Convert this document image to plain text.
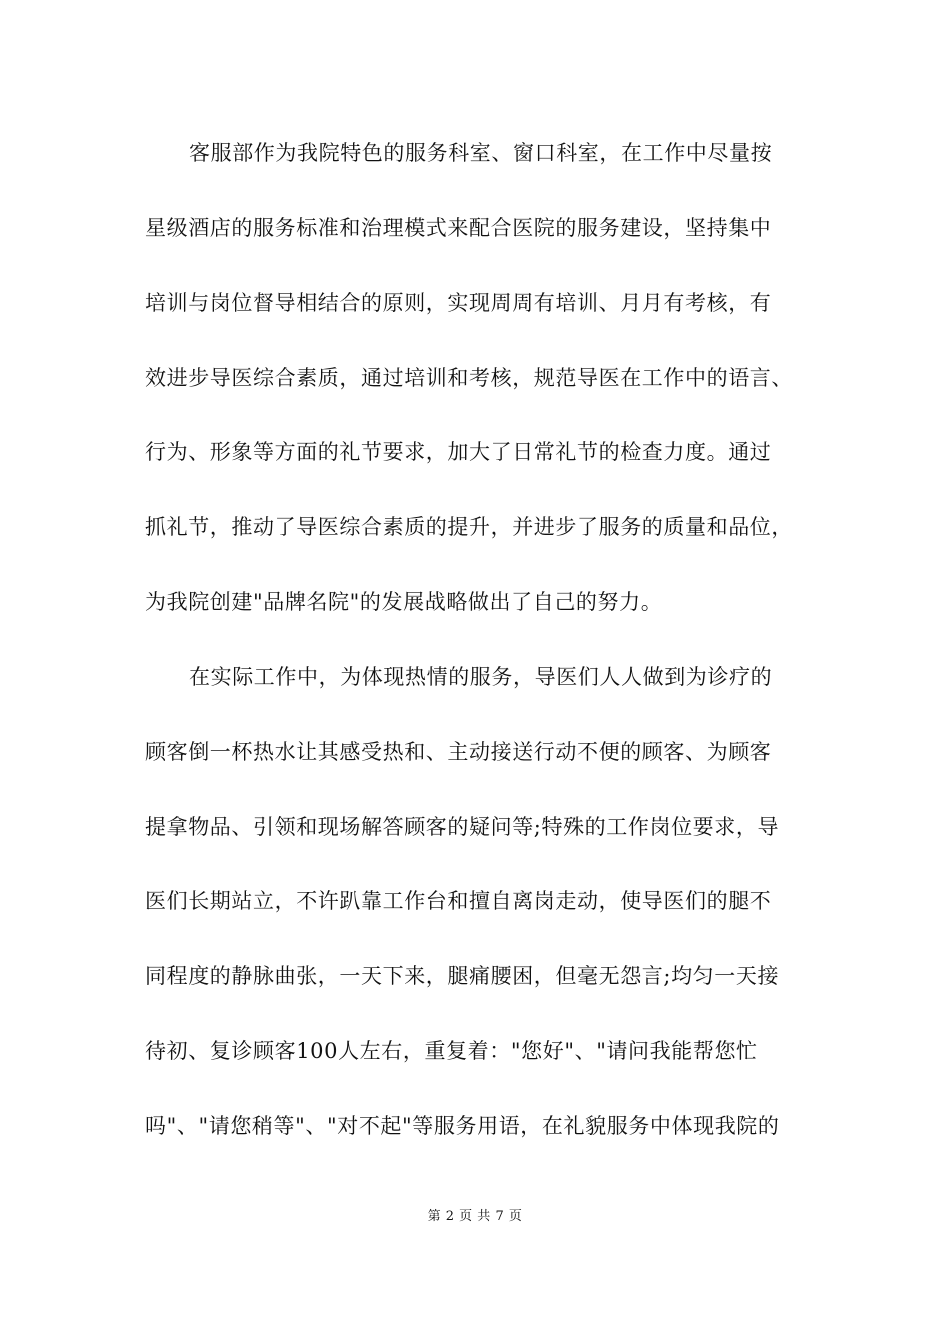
客服部作为我院特色的服务科室、窗口科室，在工作中尽量按
星级酒店的服务标准和治理模式来配合医院的服务建设，坚持集中
培训与岗位督导相结合的原则，实现周周有培训、月月有考核，有
效进步导医综合素质，通过培训和考核，规范导医在工作中的语言、
行为、形象等方面的礼节要求，加大了日常礼节的检查力度。通过
抓礼节，推动了导医综合素质的提升，并进步了服务的质量和品位，
为我院创建"品牌名院"的发展战略做出了自己的努力。
在实际工作中，为体现热情的服务，导医们人人做到为诊疗的
顾客倒一杯热水让其感受热和、主动接送行动不便的顾客、为顾客
提拿物品、引领和现场解答顾客的疑问等;特殊的工作岗位要求，导
医们长期站立，不许趴靠工作台和擅自离岗走动，使导医们的腿不
同程度的静脉曲张，一天下来，腿痛腰困，但毫无怨言;均匀一天接
待初、复诊顾客100人左右，重复着："您好"、"请问我能帮您忙
吗"、"请您稍等"、"对不起"等服务用语，在礼貌服务中体现我院的
第 2 页 共 7 页
